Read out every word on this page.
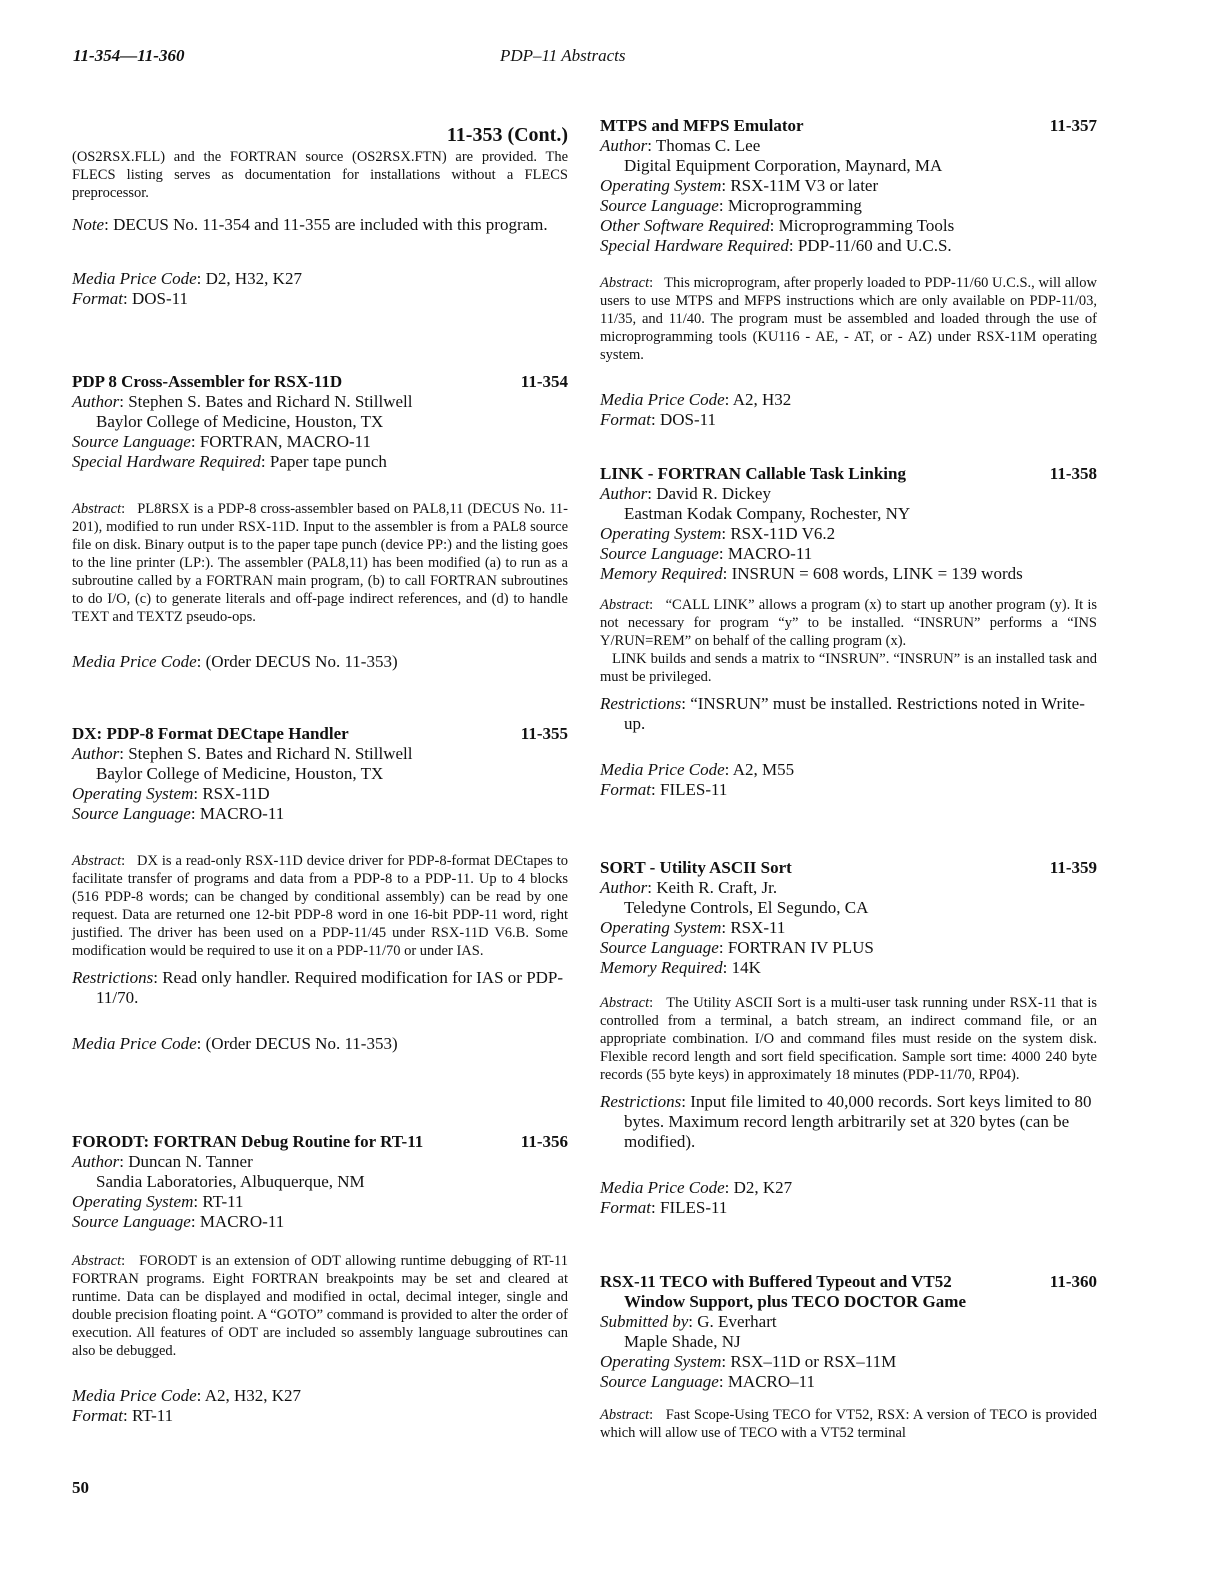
11-354—11-360	PDP–11 Abstracts
11-353 (Cont.)
(OS2RSX.FLL) and the FORTRAN source (OS2RSX.FTN) are provided. The FLECS listing serves as documentation for installations without a FLECS preprocessor.
Note: DECUS No. 11-354 and 11-355 are included with this program.
Media Price Code: D2, H32, K27
Format: DOS-11
PDP 8 Cross-Assembler for RSX-11D	11-354
Author: Stephen S. Bates and Richard N. Stillwell
Baylor College of Medicine, Houston, TX
Source Language: FORTRAN, MACRO-11
Special Hardware Required: Paper tape punch
Abstract:   PL8RSX is a PDP-8 cross-assembler based on PAL8,11 (DECUS No. 11-201), modified to run under RSX-11D. Input to the assembler is from a PAL8 source file on disk. Binary output is to the paper tape punch (device PP:) and the listing goes to the line printer (LP:). The assembler (PAL8,11) has been modified (a) to run as a subroutine called by a FORTRAN main program, (b) to call FORTRAN subroutines to do I/O, (c) to generate literals and off-page indirect references, and (d) to handle TEXT and TEXTZ pseudo-ops.
Media Price Code: (Order DECUS No. 11-353)
DX: PDP-8 Format DECtape Handler	11-355
Author: Stephen S. Bates and Richard N. Stillwell
Baylor College of Medicine, Houston, TX
Operating System: RSX-11D
Source Language: MACRO-11
Abstract:   DX is a read-only RSX-11D device driver for PDP-8-format DECtapes to facilitate transfer of programs and data from a PDP-8 to a PDP-11. Up to 4 blocks (516 PDP-8 words; can be changed by conditional assembly) can be read by one request. Data are returned one 12-bit PDP-8 word in one 16-bit PDP-11 word, right justified. The driver has been used on a PDP-11/45 under RSX-11D V6.B. Some modification would be required to use it on a PDP-11/70 or under IAS.
Restrictions: Read only handler. Required modification for IAS or PDP-11/70.
Media Price Code: (Order DECUS No. 11-353)
FORODT: FORTRAN Debug Routine for RT-11	11-356
Author: Duncan N. Tanner
Sandia Laboratories, Albuquerque, NM
Operating System: RT-11
Source Language: MACRO-11
Abstract:   FORODT is an extension of ODT allowing runtime debugging of RT-11 FORTRAN programs. Eight FORTRAN breakpoints may be set and cleared at runtime. Data can be displayed and modified in octal, decimal integer, single and double precision floating point. A “GOTO” command is provided to alter the order of execution. All features of ODT are included so assembly language subroutines can also be debugged.
Media Price Code: A2, H32, K27
Format: RT-11
MTPS and MFPS Emulator	11-357
Author: Thomas C. Lee
Digital Equipment Corporation, Maynard, MA
Operating System: RSX-11M V3 or later
Source Language: Microprogramming
Other Software Required: Microprogramming Tools
Special Hardware Required: PDP-11/60 and U.C.S.
Abstract:   This microprogram, after properly loaded to PDP-11/60 U.C.S., will allow users to use MTPS and MFPS instructions which are only available on PDP-11/03, 11/35, and 11/40. The program must be assembled and loaded through the use of microprogramming tools (KU116 - AE, - AT, or - AZ) under RSX-11M operating system.
Media Price Code: A2, H32
Format: DOS-11
LINK - FORTRAN Callable Task Linking	11-358
Author: David R. Dickey
Eastman Kodak Company, Rochester, NY
Operating System: RSX-11D V6.2
Source Language: MACRO-11
Memory Required: INSRUN = 608 words, LINK = 139 words
Abstract:   “CALL LINK” allows a program (x) to start up another program (y). It is not necessary for program “y” to be installed. “INSRUN” performs a “INS Y/RUN=REM” on behalf of the calling program (x).
LINK builds and sends a matrix to “INSRUN”. “INSRUN” is an installed task and must be privileged.
Restrictions: “INSRUN” must be installed. Restrictions noted in Write-up.
Media Price Code: A2, M55
Format: FILES-11
SORT - Utility ASCII Sort	11-359
Author: Keith R. Craft, Jr.
Teledyne Controls, El Segundo, CA
Operating System: RSX-11
Source Language: FORTRAN IV PLUS
Memory Required: 14K
Abstract:   The Utility ASCII Sort is a multi-user task running under RSX-11 that is controlled from a terminal, a batch stream, an indirect command file, or an appropriate combination. I/O and command files must reside on the system disk. Flexible record length and sort field specification. Sample sort time: 4000 240 byte records (55 byte keys) in approximately 18 minutes (PDP-11/70, RP04).
Restrictions: Input file limited to 40,000 records. Sort keys limited to 80 bytes. Maximum record length arbitrarily set at 320 bytes (can be modified).
Media Price Code: D2, K27
Format: FILES-11
RSX-11 TECO with Buffered Typeout and VT52	11-360
Window Support, plus TECO DOCTOR Game
Submitted by: G. Everhart
Maple Shade, NJ
Operating System: RSX–11D or RSX–11M
Source Language: MACRO–11
Abstract:   Fast Scope-Using TECO for VT52, RSX: A version of TECO is provided which will allow use of TECO with a VT52 terminal
50
